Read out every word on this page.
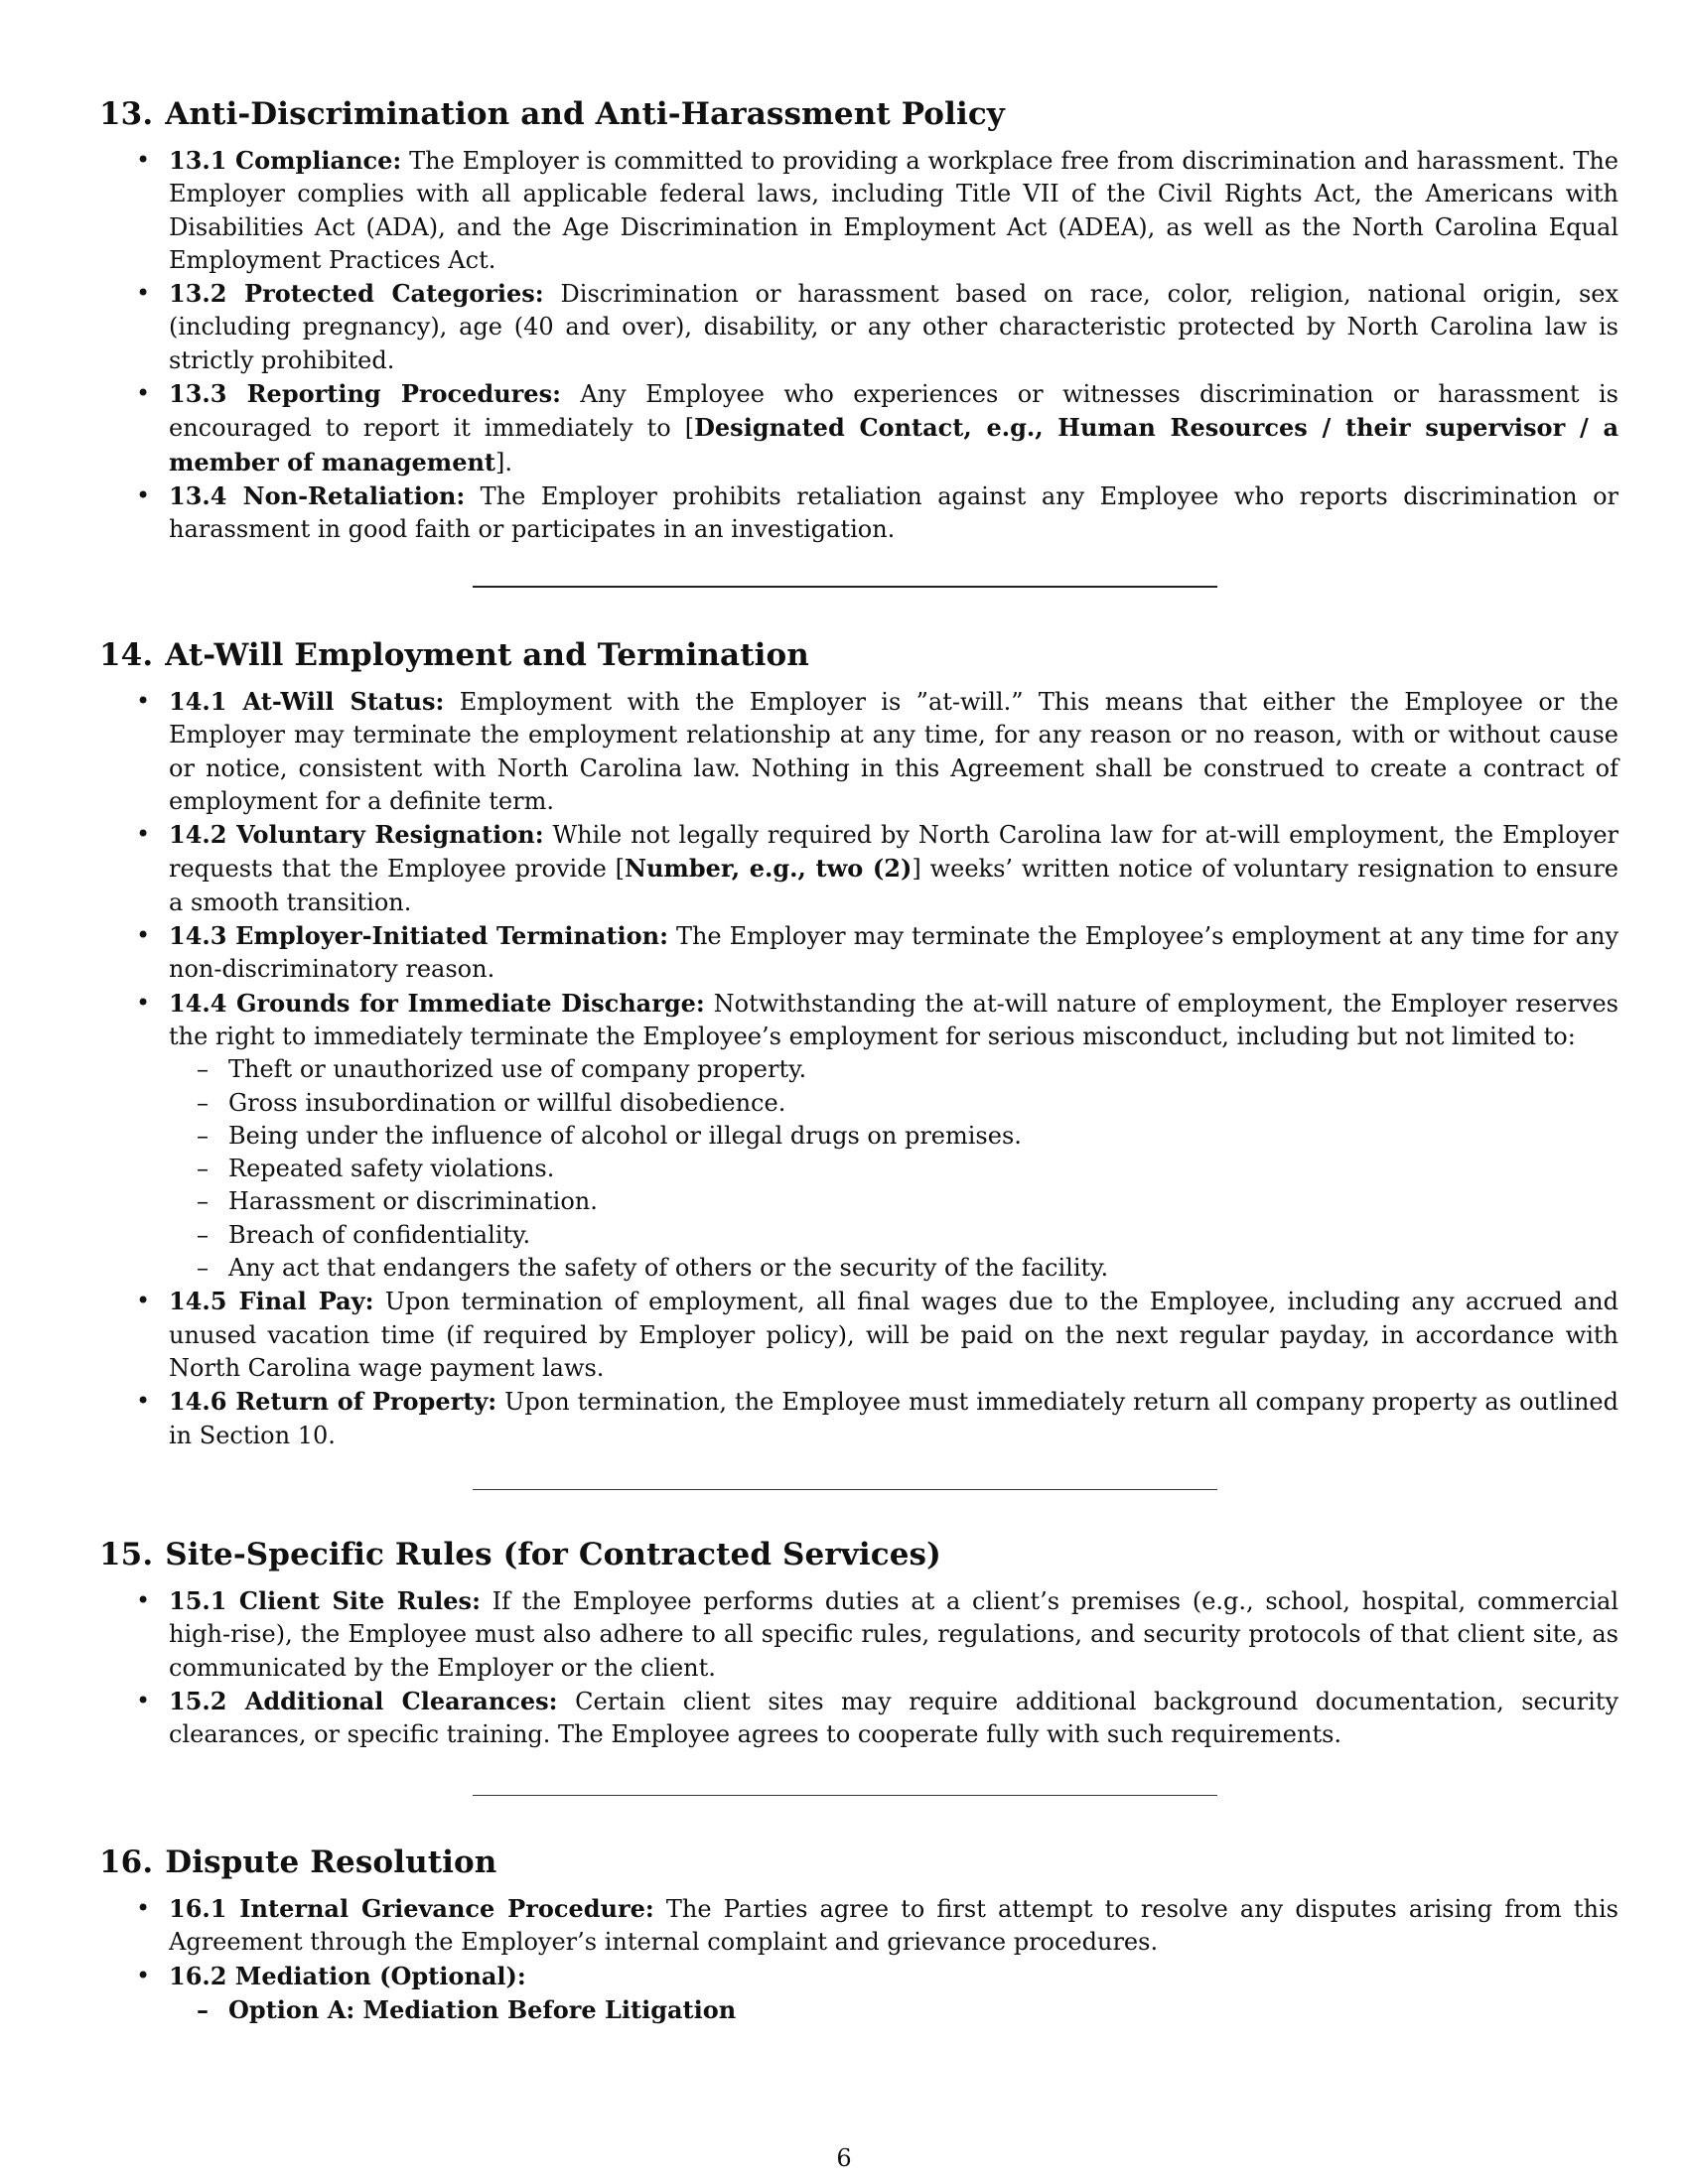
13. Anti-Discrimination and Anti-Harassment Policy
• 13.1 Compliance: The Employer is committed to providing a workplace free from discrimination and harassment. The Employer complies with all applicable federal laws, including Title VII of the Civil Rights Act, the Americans with Disabilities Act (ADA), and the Age Discrimination in Employment Act (ADEA), as well as the North Carolina Equal Employment Practices Act.
• 13.2 Protected Categories: Discrimination or harassment based on race, color, religion, national origin, sex (including pregnancy), age (40 and over), disability, or any other characteristic protected by North Carolina law is strictly prohibited.
• 13.3 Reporting Procedures: Any Employee who experiences or witnesses discrimination or harassment is encouraged to report it immediately to [Designated Contact, e.g., Human Resources / their supervisor / a member of management].
• 13.4 Non-Retaliation: The Employer prohibits retaliation against any Employee who reports discrimination or harassment in good faith or participates in an investigation.
14. At-Will Employment and Termination
• 14.1 At-Will Status: Employment with the Employer is ”at-will.” This means that either the Employee or the Employer may terminate the employment relationship at any time, for any reason or no reason, with or without cause or notice, consistent with North Carolina law. Nothing in this Agreement shall be construed to create a contract of employment for a definite term.
• 14.2 Voluntary Resignation: While not legally required by North Carolina law for at-will employment, the Employer requests that the Employee provide [Number, e.g., two (2)] weeks’ written notice of voluntary resignation to ensure a smooth transition.
• 14.3 Employer-Initiated Termination: The Employer may terminate the Employee’s employment at any time for any non-discriminatory reason.
• 14.4 Grounds for Immediate Discharge: Notwithstanding the at-will nature of employment, the Employer reserves the right to immediately terminate the Employee’s employment for serious misconduct, including but not limited to:
– Theft or unauthorized use of company property.
– Gross insubordination or willful disobedience.
– Being under the influence of alcohol or illegal drugs on premises.
– Repeated safety violations.
– Harassment or discrimination.
– Breach of confidentiality.
– Any act that endangers the safety of others or the security of the facility.
• 14.5 Final Pay: Upon termination of employment, all final wages due to the Employee, including any accrued and unused vacation time (if required by Employer policy), will be paid on the next regular payday, in accordance with North Carolina wage payment laws.
• 14.6 Return of Property: Upon termination, the Employee must immediately return all company property as outlined in Section 10.
15. Site-Specific Rules (for Contracted Services)
• 15.1 Client Site Rules: If the Employee performs duties at a client’s premises (e.g., school, hospital, commercial high-rise), the Employee must also adhere to all specific rules, regulations, and security protocols of that client site, as communicated by the Employer or the client.
• 15.2 Additional Clearances: Certain client sites may require additional background documentation, security clearances, or specific training. The Employee agrees to cooperate fully with such requirements.
16. Dispute Resolution
• 16.1 Internal Grievance Procedure: The Parties agree to first attempt to resolve any disputes arising from this Agreement through the Employer’s internal complaint and grievance procedures.
• 16.2 Mediation (Optional):
– Option A: Mediation Before Litigation
6
